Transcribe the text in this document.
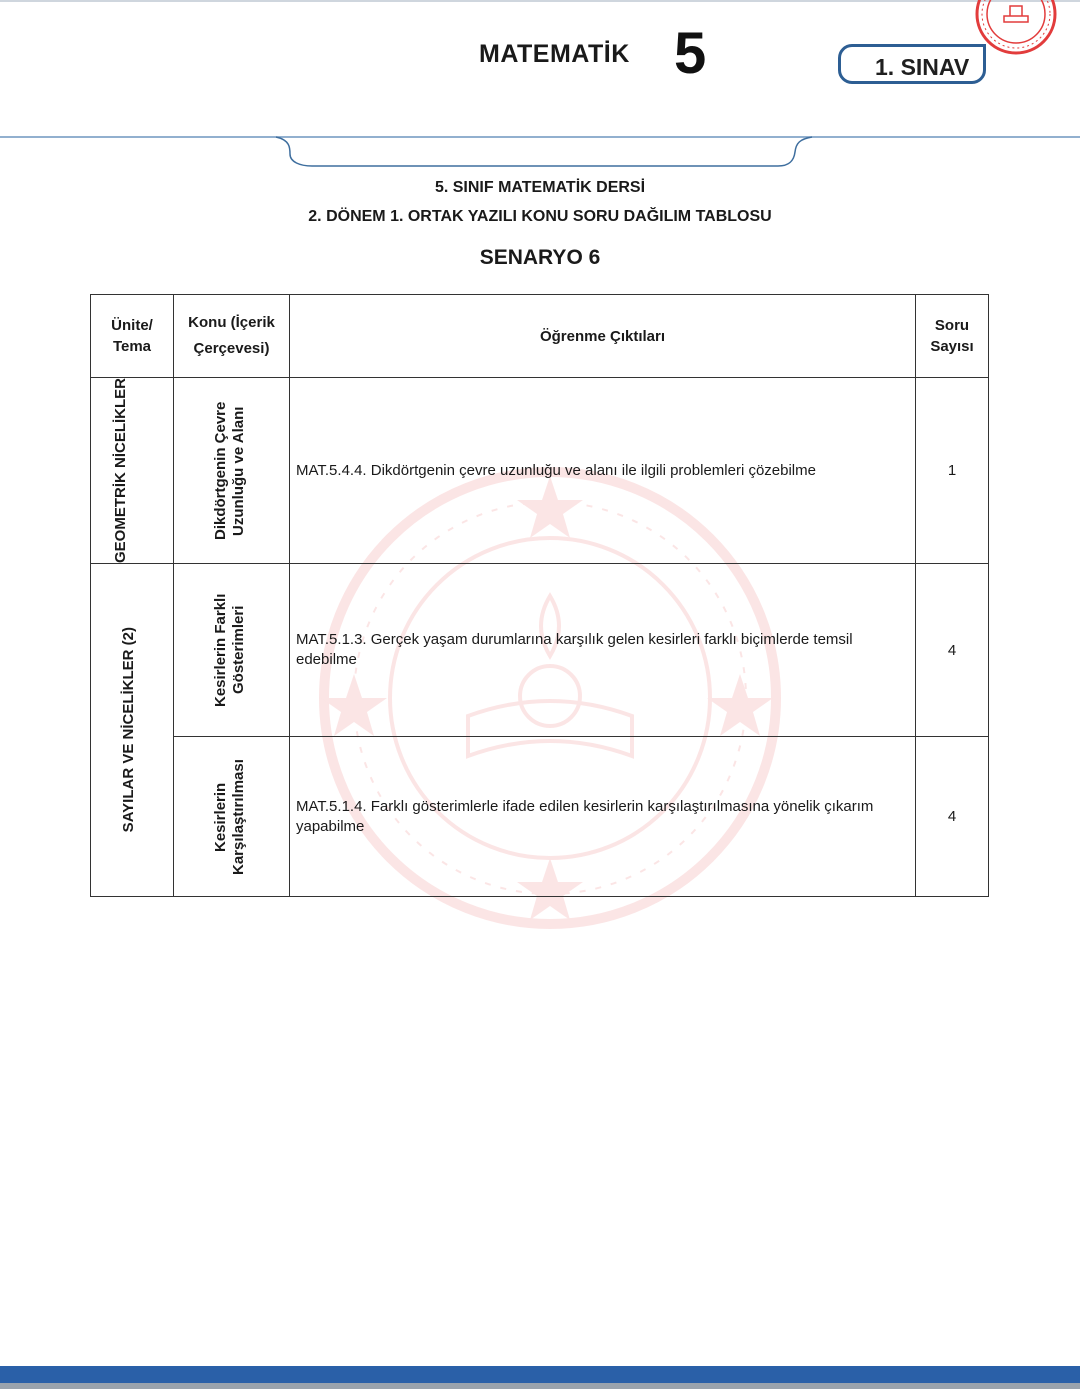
MATEMATİK 5	1. SINAV
5. SINIF MATEMATİK DERSİ
2. DÖNEM 1. ORTAK YAZILI KONU SORU DAĞILIM TABLOSU
SENARYO 6
Ünite/ Tema	Konu (İçerik Çerçevesi)	Öğrenme Çıktıları	Soru Sayısı

GEOMETRİK NİCELİKLER	Dikdörtgenin Çevre Uzunluğu ve Alanı	MAT.5.4.4. Dikdörtgenin çevre uzunluğu ve alanı ile ilgili problemleri çözebilme	1

SAYILAR VE NİCELİKLER (2)	Kesirlerin Farklı Gösterimleri	MAT.5.1.3. Gerçek yaşam durumlarına karşılık gelen kesirleri farklı biçimlerde temsil edebilme	4

	Kesirlerin Karşılaştırılması	MAT.5.1.4. Farklı gösterimlerle ifade edilen kesirlerin karşılaştırılmasına yönelik çıkarım yapabilme	4
